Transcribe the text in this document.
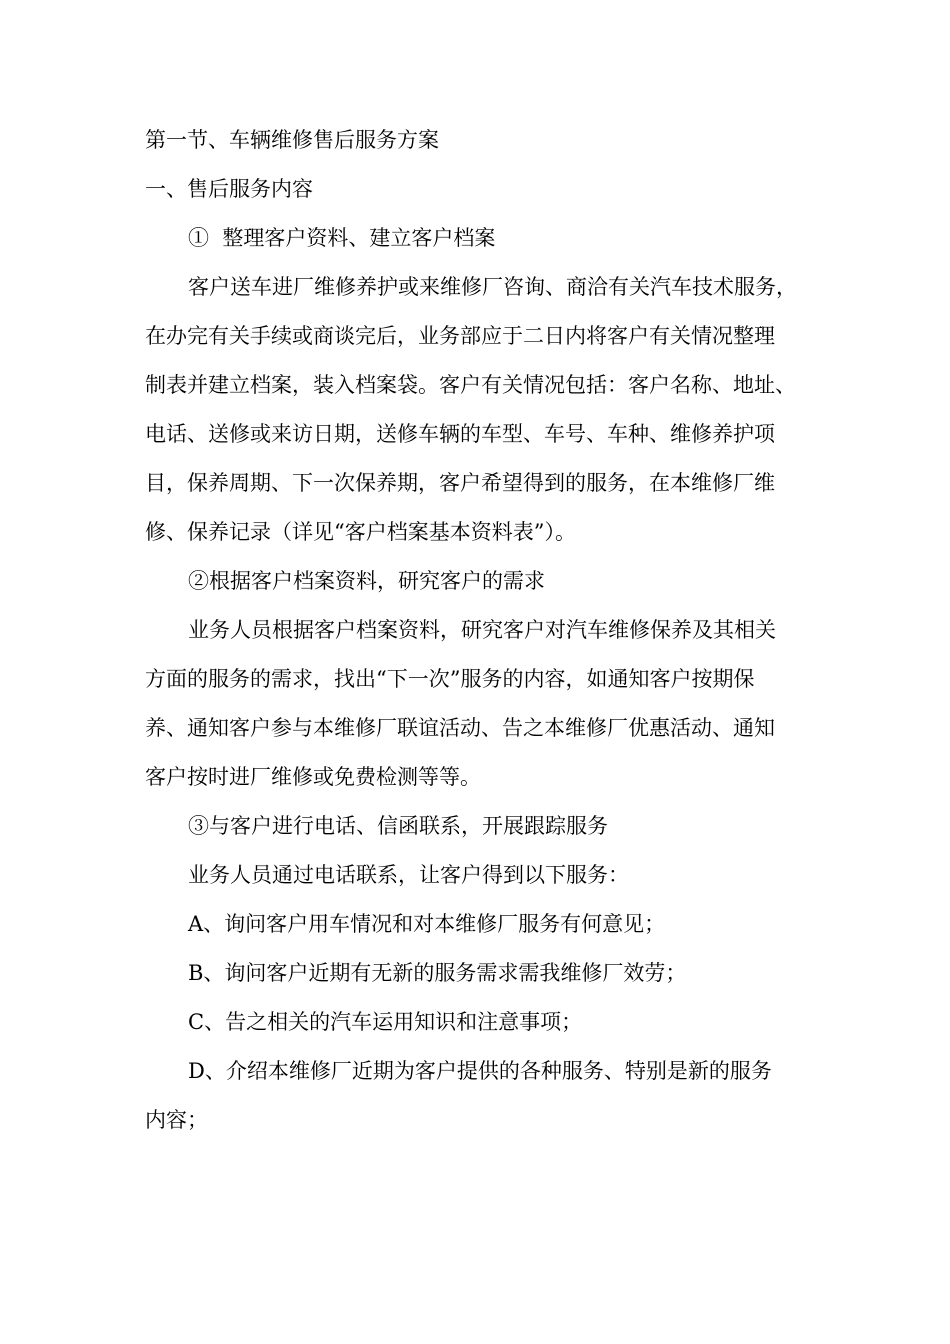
第一节、车辆维修售后服务方案
一、售后服务内容
①  整理客户资料、建立客户档案
客户送车进厂维修养护或来维修厂咨询、商洽有关汽车技术服务，
在办完有关手续或商谈完后，业务部应于二日内将客户有关情况整理
制表并建立档案，装入档案袋。客户有关情况包括：客户名称、地址、
电话、送修或来访日期，送修车辆的车型、车号、车种、维修养护项
目，保养周期、下一次保养期，客户希望得到的服务，在本维修厂维
修、保养记录（详见“客户档案基本资料表”）。
②根据客户档案资料，研究客户的需求
业务人员根据客户档案资料，研究客户对汽车维修保养及其相关
方面的服务的需求，找出“下一次”服务的内容，如通知客户按期保
养、通知客户参与本维修厂联谊活动、告之本维修厂优惠活动、通知
客户按时进厂维修或免费检测等等。
③与客户进行电话、信函联系，开展跟踪服务
业务人员通过电话联系，让客户得到以下服务：
A、询问客户用车情况和对本维修厂服务有何意见；
B、询问客户近期有无新的服务需求需我维修厂效劳；
C、告之相关的汽车运用知识和注意事项；
D、介绍本维修厂近期为客户提供的各种服务、特别是新的服务
内容；
